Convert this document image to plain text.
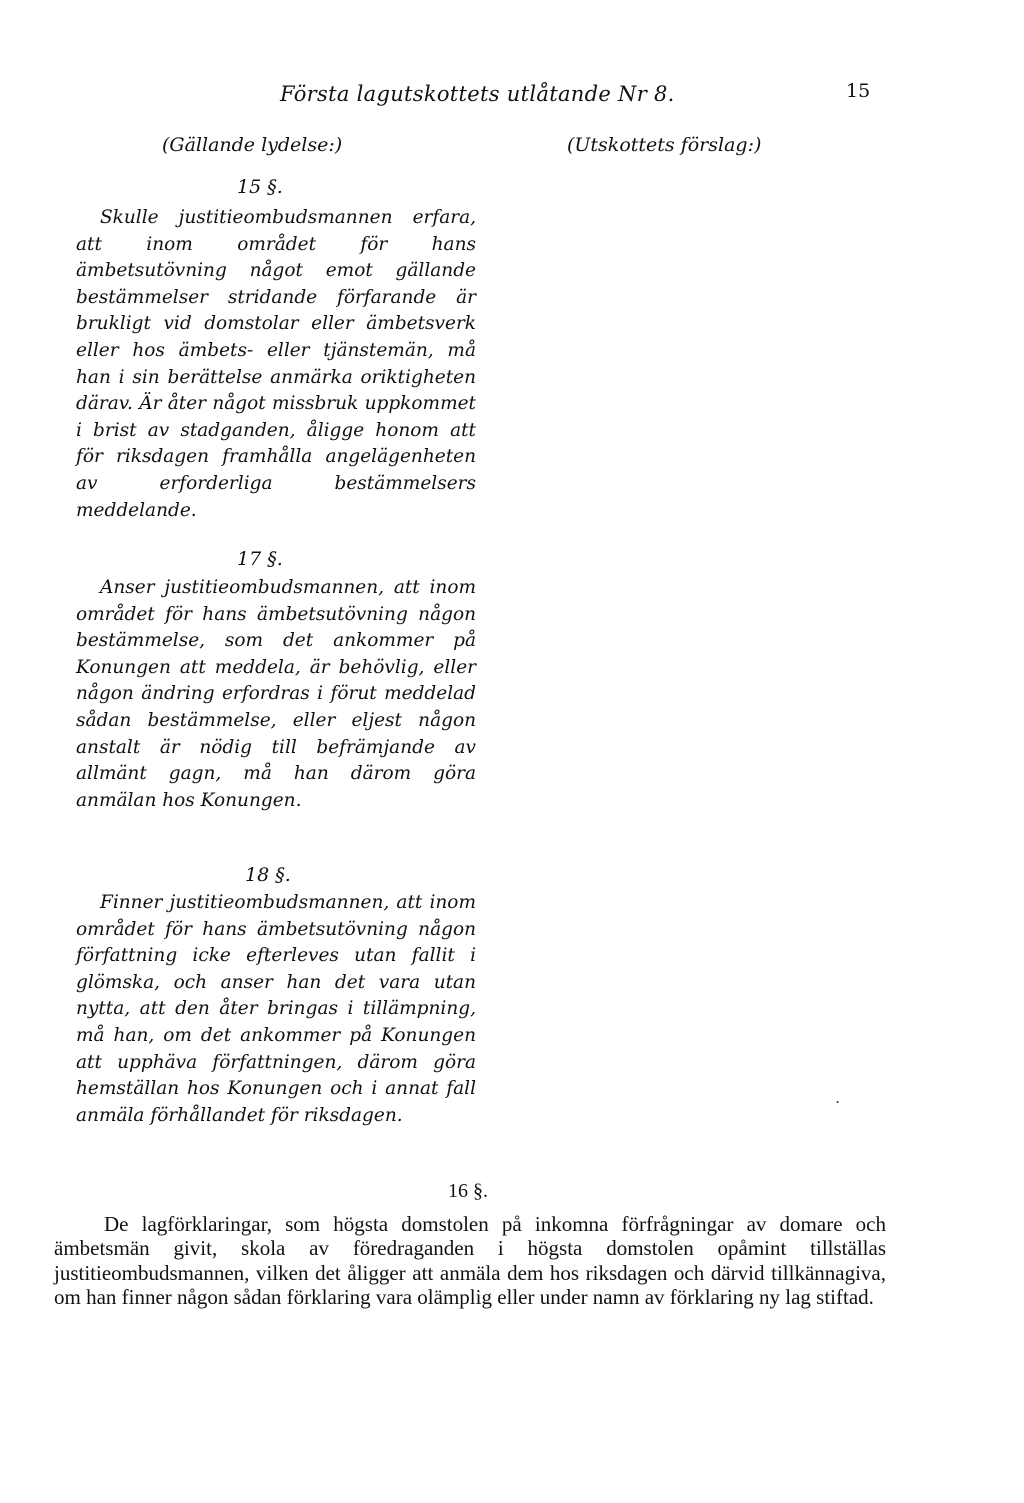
Första lagutskottets utlåtande Nr 8.	15
(Gällande lydelse:)	(Utskottets förslag:)
15 §.

Skulle justitieombudsmannen erfara, att inom området för hans ämbetsutövning något emot gällande bestämmelser stridande förfarande är brukligt vid domstolar eller ämbetsverk eller hos ämbets- eller tjänstemän, må han i sin berättelse anmärka oriktigheten därav. Är åter något missbruk uppkommet i brist av stadganden, åligge honom att för riksdagen framhålla angelägenheten av erforderliga bestämmelsers meddelande.

17 §.

Anser justitieombudsmannen, att inom området för hans ämbetsutövning någon bestämmelse, som det ankommer på Konungen att meddela, är behövlig, eller någon ändring erfordras i förut meddelad sådan bestämmelse, eller eljest någon anstalt är nödig till befrämjande av allmänt gagn, må han därom göra anmälan hos Konungen.

18 §.

Finner justitieombudsmannen, att inom området för hans ämbetsutövning någon författning icke efterleves utan fallit i glömska, och anser han det vara utan nytta, att den åter bringas i tillämpning, må han, om det ankommer på Konungen att upphäva författningen, därom göra hemställan hos Konungen och i annat fall anmäla förhållandet för riksdagen.

.
16 §.

De lagförklaringar, som högsta domstolen på inkomna förfrågningar av domare och ämbetsmän givit, skola av föredraganden i högsta domstolen opåmint tillställas justitieombudsmannen, vilken det åligger att anmäla dem hos riksdagen och därvid tillkännagiva, om han finner någon sådan förklaring vara olämplig eller under namn av förklaring ny lag stiftad.
